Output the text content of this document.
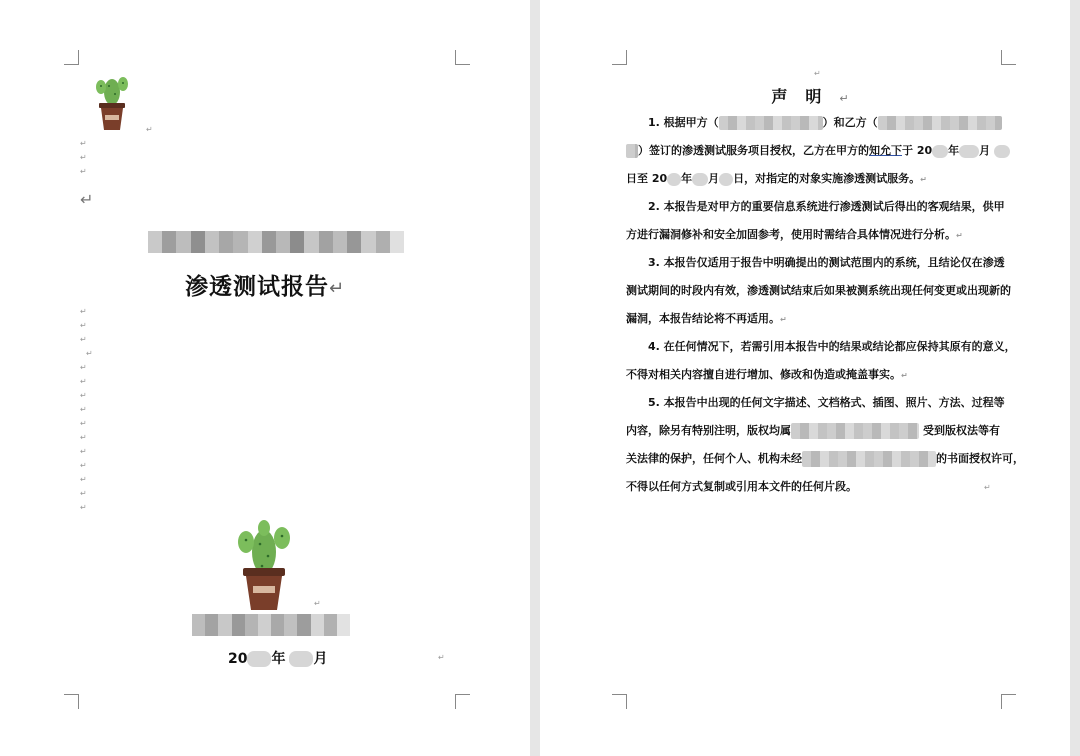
↵
↵
↵
↵
↵
渗透测试报告↵
↵
↵
↵
↵
↵
↵
↵
↵
↵
↵
↵
↵
↵
↵
↵
↵
20 年 月	↵
↵
声明↵
1. 根据甲方（	）和乙方（
）签订的渗透测试服务项目授权，乙方在甲方的知允下于 20 年 月
日至 20 年 月 日，对指定的对象实施渗透测试服务。↵
2. 本报告是对甲方的重要信息系统进行渗透测试后得出的客观结果，供甲
方进行漏洞修补和安全加固参考，使用时需结合具体情况进行分析。↵
3. 本报告仅适用于报告中明确提出的测试范围内的系统，且结论仅在渗透
测试期间的时段内有效，渗透测试结束后如果被测系统出现任何变更或出现新的
漏洞，本报告结论将不再适用。↵
4. 在任何情况下，若需引用本报告中的结果或结论都应保持其原有的意义，
不得对相关内容擅自进行增加、修改和伪造或掩盖事实。↵
5. 本报告中出现的任何文字描述、文档格式、插图、照片、方法、过程等
内容，除另有特别注明，版权均属	受到版权法等有
关法律的保护，任何个人、机构未经	的书面授权许可，
不得以任何方式复制或引用本文件的任何片段。	↵
